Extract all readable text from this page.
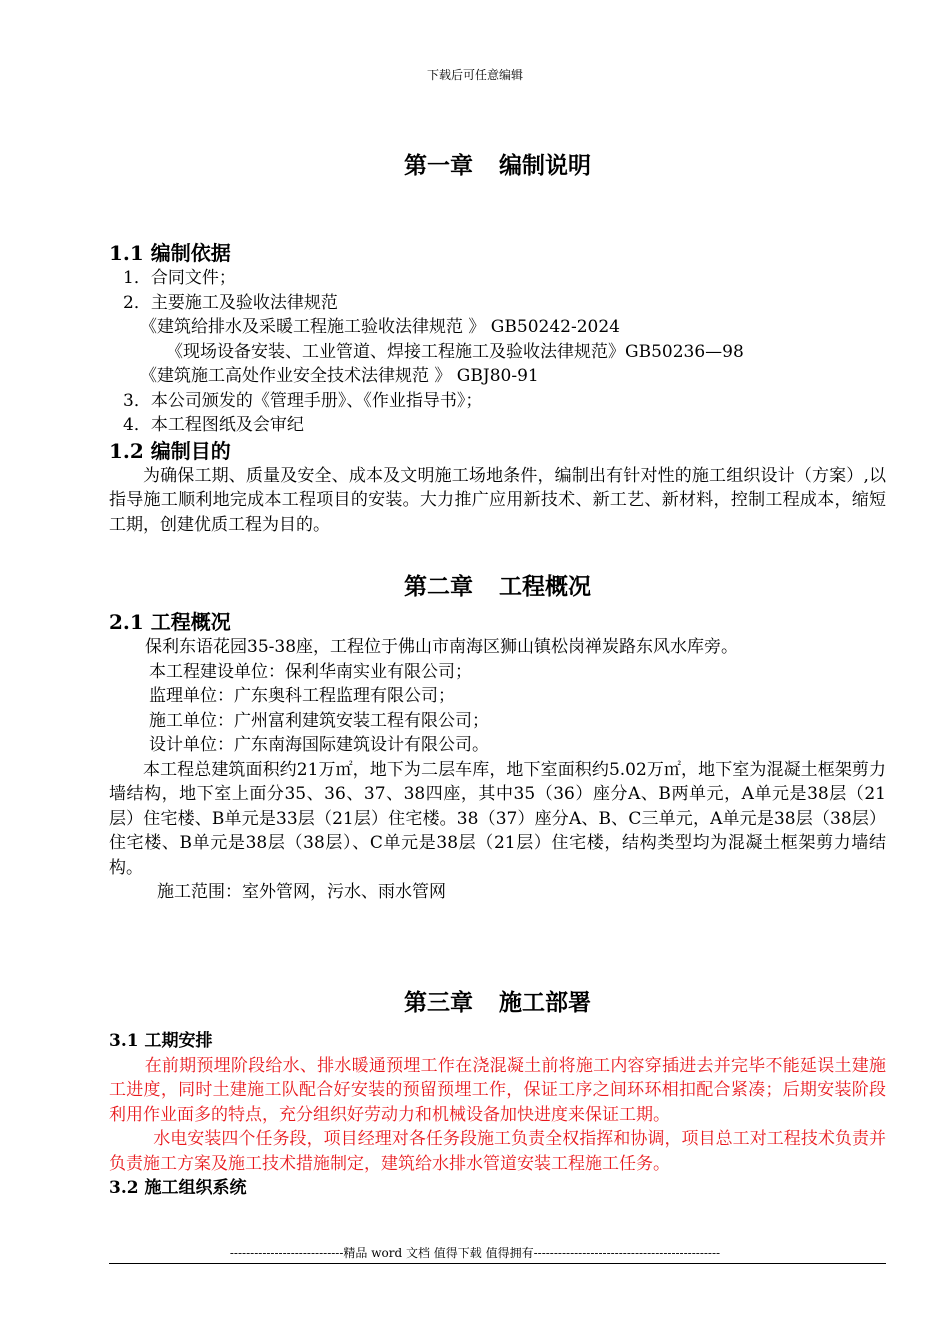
下载后可任意编辑
第一章 编制说明
1.1 编制依据

1．合同文件；

2．主要施工及验收法律规范

《建筑给排水及采暖工程施工验收法律规范 》 GB50242-2024

《现场设备安装、工业管道、焊接工程施工及验收法律规范》GB50236—98

《建筑施工高处作业安全技术法律规范 》 GBJ80-91

3．本公司颁发的《管理手册》、《作业指导书》；

4．本工程图纸及会审纪

1.2 编制目的

为确保工期、质量及安全、成本及文明施工场地条件，编制出有针对性的施工组织设计（方案）,以指导施工顺利地完成本工程项目的安装。大力推广应用新技术、新工艺、新材料，控制工程成本，缩短工期，创建优质工程为目的。

第二章 工程概况
2.1 工程概况

保利东语花园35-38座，工程位于佛山市南海区狮山镇松岗禅炭路东风水库旁。

本工程建设单位：保利华南实业有限公司；

监理单位：广东奥科工程监理有限公司；

施工单位：广州富利建筑安装工程有限公司；

设计单位：广东南海国际建筑设计有限公司。

本工程总建筑面积约21万㎡，地下为二层车库，地下室面积约5.02万㎡，地下室为混凝土框架剪力墙结构，地下室上面分35、36、37、38四座，其中35（36）座分A、B两单元，A单元是38层（21层）住宅楼、B单元是33层（21层）住宅楼。38（37）座分A、B、C三单元，A单元是38层（38层）住宅楼、B单元是38层（38层）、C单元是38层（21层）住宅楼，结构类型均为混凝土框架剪力墙结构。

施工范围：室外管网，污水、雨水管网

第三章 施工部署
3.1 工期安排

在前期预埋阶段给水、排水暖通预埋工作在浇混凝土前将施工内容穿插进去并完毕不能延误土建施工进度，同时土建施工队配合好安装的预留预埋工作，保证工序之间环环相扣配合紧凑；后期安装阶段利用作业面多的特点，充分组织好劳动力和机械设备加快进度来保证工期。

水电安装四个任务段，项目经理对各任务段施工负责全权指挥和协调，项目总工对工程技术负责并负责施工方案及施工技术措施制定，建筑给水排水管道安装工程施工任务。

3.2 施工组织系统
----------------------------精品 word 文档 值得下载 值得拥有----------------------------------------------
